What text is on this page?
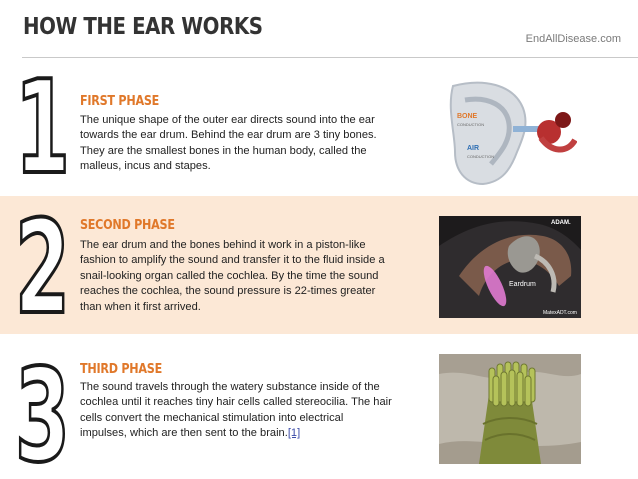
HOW THE EAR WORKS	EndAllDisease.com
1 FIRST PHASE
The unique shape of the outer ear directs sound into the ear towards the ear drum. Behind the ear drum are 3 tiny bones. They are the smallest bones in the human body, called the malleus, incus and stapes.
BONE
CONDUCTION
AIR
CONDUCTION
2 SECOND PHASE
The ear drum and the bones behind it work in a piston-like fashion to amplify the sound and transfer it to the fluid inside a snail-looking organ called the cochlea. By the time the sound reaches the cochlea, the sound pressure is 22-times greater than when it first arrived.
ADAM.
Eardrum
MatexADT.com
3 THIRD PHASE
The sound travels through the watery substance inside of the cochlea until it reaches tiny hair cells called stereocilia. The hair cells convert the mechanical stimulation into electrical impulses, which are then sent to the brain.[1]
